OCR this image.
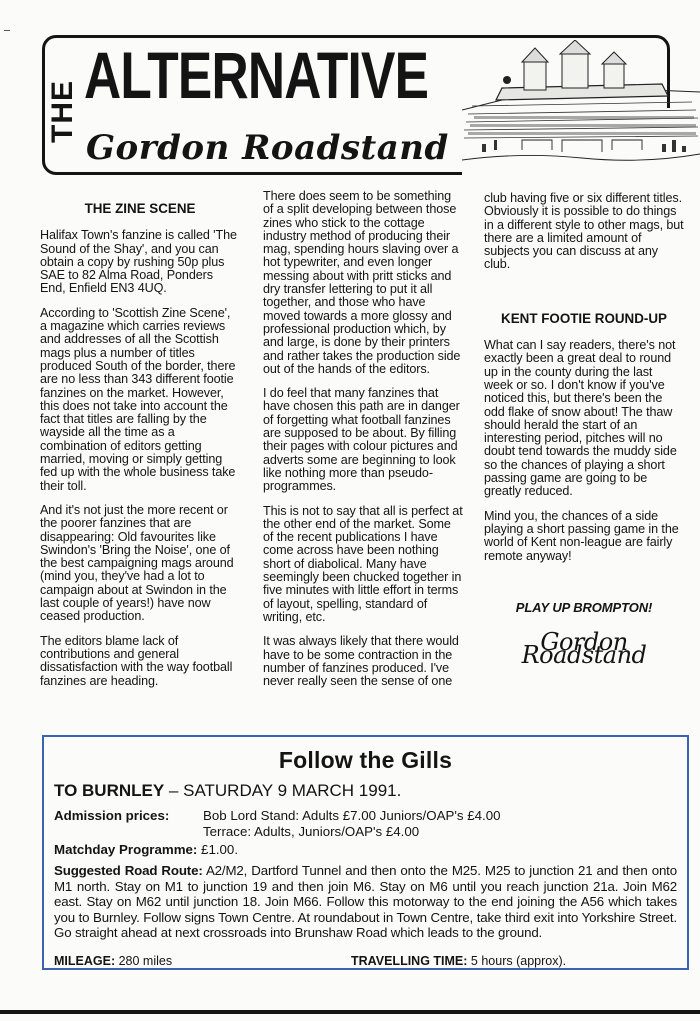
THE ALTERNATIVE
Gordon Roadstand
THE ZINE SCENE

Halifax Town's fanzine is called 'The Sound of the Shay', and you can obtain a copy by rushing 50p plus SAE to 82 Alma Road, Ponders End, Enfield EN3 4UQ.

According to 'Scottish Zine Scene', a magazine which carries reviews and addresses of all the Scottish mags plus a number of titles produced South of the border, there are no less than 343 different footie fanzines on the market. However, this does not take into account the fact that titles are falling by the wayside all the time as a combination of editors getting married, moving or simply getting fed up with the whole business take their toll.

And it's not just the more recent or the poorer fanzines that are disappearing: Old favourites like Swindon's 'Bring the Noise', one of the best campaigning mags around (mind you, they've had a lot to campaign about at Swindon in the last couple of years!) have now ceased production.

The editors blame lack of contributions and general dissatisfaction with the way football fanzines are heading.

There does seem to be something of a split developing between those zines who stick to the cottage industry method of producing their mag, spending hours slaving over a hot typewriter, and even longer messing about with pritt sticks and dry transfer lettering to put it all together, and those who have moved towards a more glossy and professional production which, by and large, is done by their printers and rather takes the production side out of the hands of the editors.

I do feel that many fanzines that have chosen this path are in danger of forgetting what football fanzines are supposed to be about. By filling their pages with colour pictures and adverts some are beginning to look like nothing more than pseudo-programmes.

This is not to say that all is perfect at the other end of the market. Some of the recent publications I have come across have been nothing short of diabolical. Many have seemingly been chucked together in five minutes with little effort in terms of layout, spelling, standard of writing, etc.

It was always likely that there would have to be some contraction in the number of fanzines produced. I've never really seen the sense of one

club having five or six different titles. Obviously it is possible to do things in a different style to other mags, but there are a limited amount of subjects you can discuss at any club.

KENT FOOTIE ROUND-UP

What can I say readers, there's not exactly been a great deal to round up in the county during the last week or so. I don't know if you've noticed this, but there's been the odd flake of snow about! The thaw should herald the start of an interesting period, pitches will no doubt tend towards the muddy side so the chances of playing a short passing game are going to be greatly reduced.

Mind you, the chances of a side playing a short passing game in the world of Kent non-league are fairly remote anyway!

PLAY UP BROMPTON!
Gordon Roadstand
Follow the Gills
TO BURNLEY – SATURDAY 9 MARCH 1991.
Admission prices:	Bob Lord Stand: Adults £7.00 Juniors/OAP's £4.00
Terrace: Adults, Juniors/OAP's £4.00
Matchday Programme: £1.00.
Suggested Road Route: A2/M2, Dartford Tunnel and then onto the M25. M25 to junction 21 and then onto M1 north. Stay on M1 to junction 19 and then join M6. Stay on M6 until you reach junction 21a. Join M62 east. Stay on M62 until junction 18. Join M66. Follow this motorway to the end joining the A56 which takes you to Burnley. Follow signs Town Centre. At roundabout in Town Centre, take third exit into Yorkshire Street. Go straight ahead at next crossroads into Brunshaw Road which leads to the ground.
MILEAGE: 280 miles	TRAVELLING TIME: 5 hours (approx).
